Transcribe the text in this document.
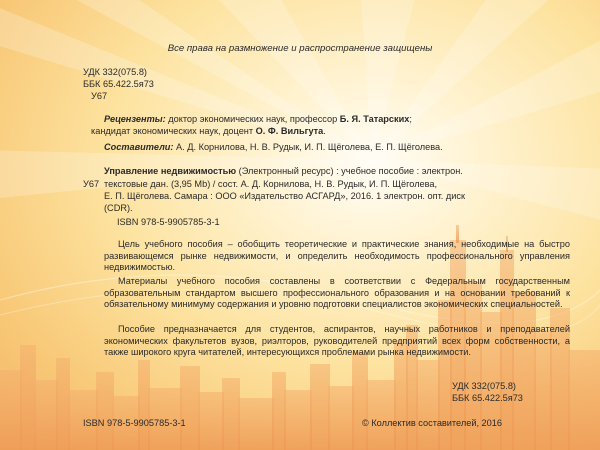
Все права на размножение и распространение защищены
УДК 332(075.8)
ББК 65.422.5я73
У67
Рецензенты: доктор экономических наук, профессор Б. Я. Татарских;
кандидат экономических наук, доцент О. Ф. Вильгута.
Составители: А. Д. Корнилова, Н. В. Рудык, И. П. Щёголева, Е. П. Щёголева.
Управление недвижимостью (Электронный ресурс) : учебное пособие : электрон.
У67 текстовые дан. (3,95 Mb) / сост. А. Д. Корнилова, Н. В. Рудык, И. П. Щёголева,
Е. П. Щёголева. Самара : ООО «Издательство АСГАРД», 2016. 1 электрон. опт. диск
(CDR).
ISBN 978-5-9905785-3-1
Цель учебного пособия – обобщить теоретические и практические знания, необходимые на быстро развивающемся рынке недвижимости, и определить необходимость профессионального управления недвижимостью.
Материалы учебного пособия составлены в соответствии с Федеральным государственным образовательным стандартом высшего профессионального образования и на основании требований к обязательному минимуму содержания и уровню подготовки специалистов экономических специальностей.
Пособие предназначается для студентов, аспирантов, научных работников и преподавателей экономических факультетов вузов, риэлторов, руководителей предприятий всех форм собственности, а также широкого круга читателей, интересующихся проблемами рынка недвижимости.
УДК 332(075.8)
ББК 65.422.5я73
ISBN 978-5-9905785-3-1	© Коллектив составителей, 2016
